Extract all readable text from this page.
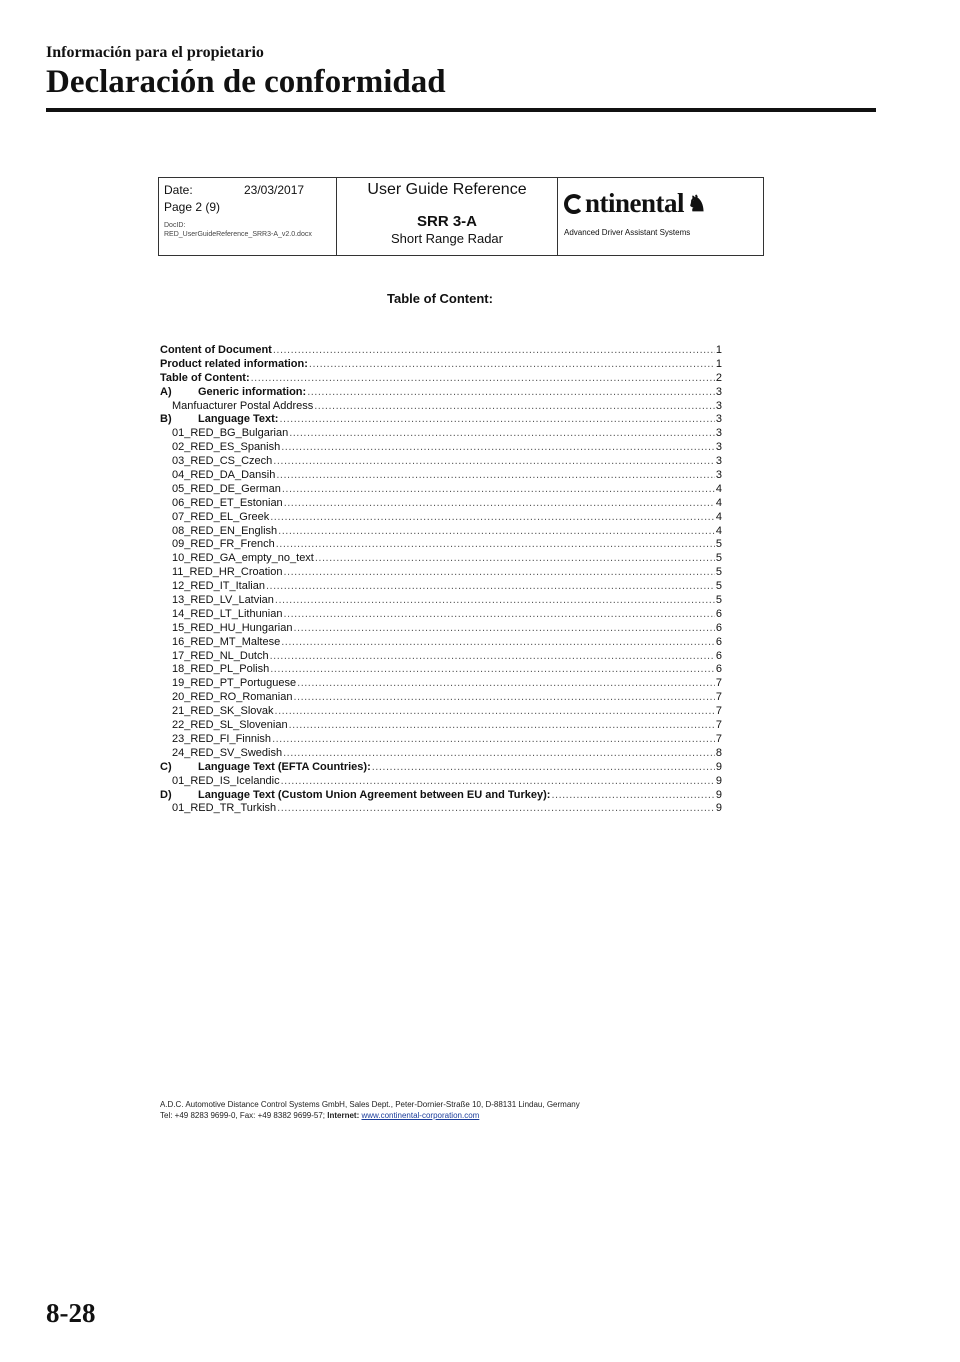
Información para el propietario
Declaración de conformidad
Date:	23/03/2017
Page 2 (9)
DocID:
RED_UserGuideReference_SRR3-A_v2.0.docx
User Guide Reference
SRR 3-A
Short Range Radar
ntinental ♞
Advanced Driver Assistant Systems
Table of Content:
Content of Document .....	1
Product related information: .....	1
Table of Content: .....	2
A)	Generic information: .....	3
Manfuacturer Postal Address .....	3
B)	Language Text: .....	3
01_RED_BG_Bulgarian .....	3
02_RED_ES_Spanish .....	3
03_RED_CS_Czech .....	3
04_RED_DA_Dansih .....	3
05_RED_DE_German .....	4
06_RED_ET_Estonian .....	4
07_RED_EL_Greek .....	4
08_RED_EN_English .....	4
09_RED_FR_French .....	5
10_RED_GA_empty_no_text .....	5
11_RED_HR_Croation .....	5
12_RED_IT_Italian .....	5
13_RED_LV_Latvian .....	5
14_RED_LT_Lithunian .....	6
15_RED_HU_Hungarian .....	6
16_RED_MT_Maltese .....	6
17_RED_NL_Dutch .....	6
18_RED_PL_Polish .....	6
19_RED_PT_Portuguese .....	7
20_RED_RO_Romanian .....	7
21_RED_SK_Slovak .....	7
22_RED_SL_Slovenian .....	7
23_RED_FI_Finnish .....	7
24_RED_SV_Swedish .....	8
C)	Language Text (EFTA Countries): .....	9
01_RED_IS_Icelandic .....	9
D)	Language Text (Custom Union Agreement between EU and Turkey): .....	9
01_RED_TR_Turkish .....	9
A.D.C. Automotive Distance Control Systems GmbH, Sales Dept., Peter-Dornier-Straße 10, D-88131 Lindau, Germany
Tel: +49 8283 9699-0, Fax: +49 8382 9699-57; Internet: www.continental-corporation.com
8-28
